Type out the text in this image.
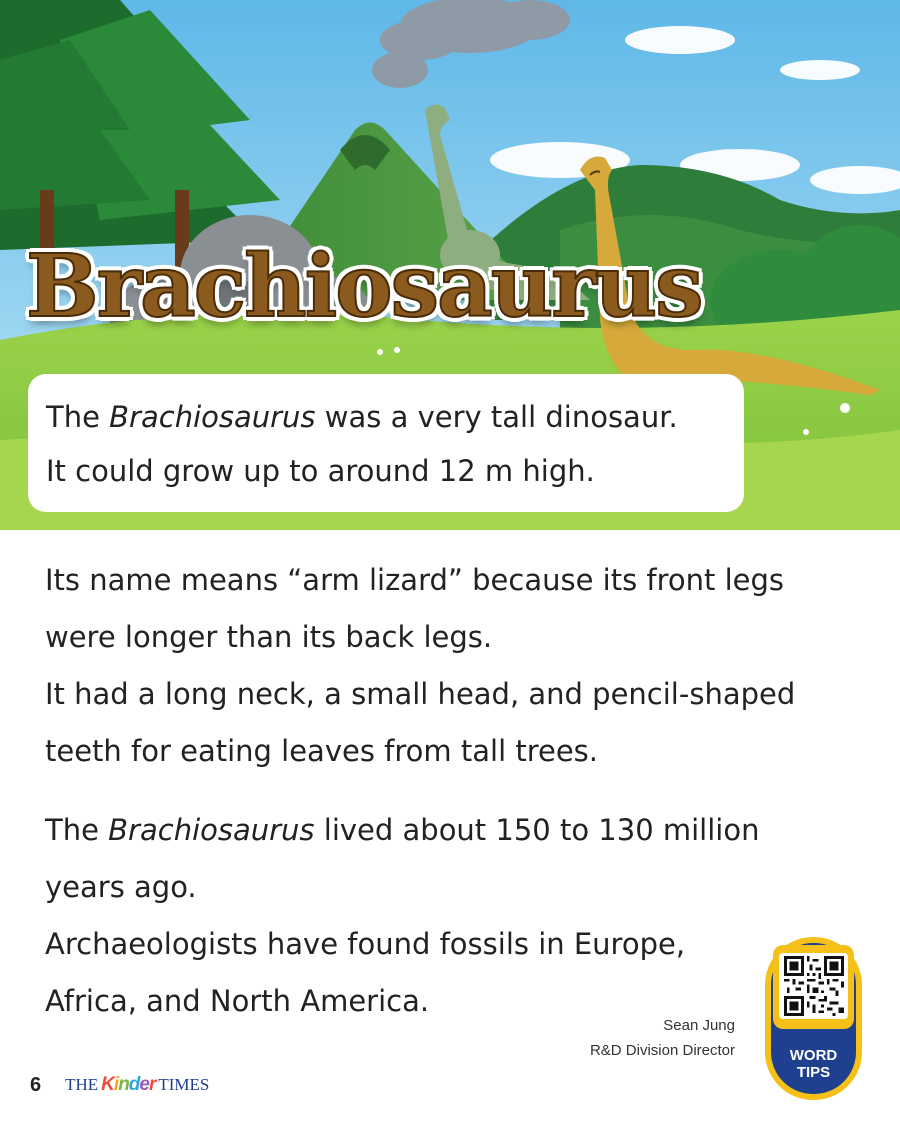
Brachiosaurus
The Brachiosaurus was a very tall dinosaur.
It could grow up to around 12 m high.
Its name means “arm lizard” because its front legs
were longer than its back legs.
It had a long neck, a small head, and pencil-shaped
teeth for eating leaves from tall trees.
The Brachiosaurus lived about 150 to 130 million
years ago.
Archaeologists have found fossils in Europe,
Africa, and North America.
Sean Jung
R&D Division Director
6 THE Kinder TIMES
WORD
TIPS
